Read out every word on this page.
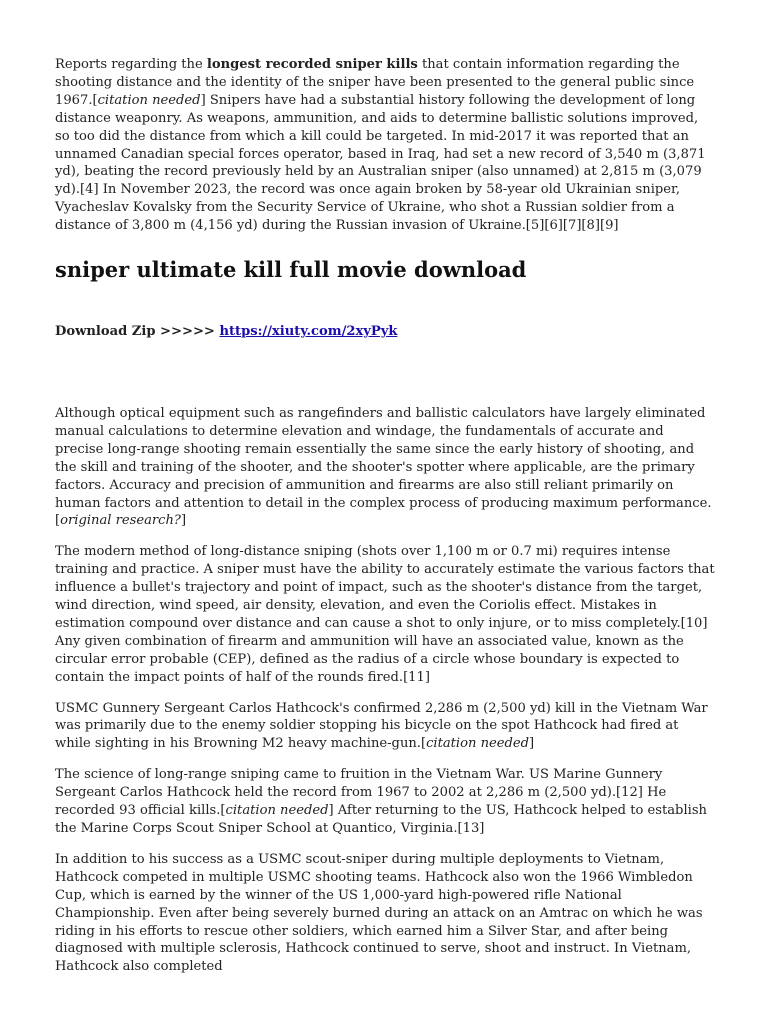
Reports regarding the longest recorded sniper kills that contain information regarding the shooting distance and the identity of the sniper have been presented to the general public since 1967.[citation needed] Snipers have had a substantial history following the development of long distance weaponry. As weapons, ammunition, and aids to determine ballistic solutions improved, so too did the distance from which a kill could be targeted. In mid-2017 it was reported that an unnamed Canadian special forces operator, based in Iraq, had set a new record of 3,540 m (3,871 yd), beating the record previously held by an Australian sniper (also unnamed) at 2,815 m (3,079 yd).[4] In November 2023, the record was once again broken by 58-year old Ukrainian sniper, Vyacheslav Kovalsky from the Security Service of Ukraine, who shot a Russian soldier from a distance of 3,800 m (4,156 yd) during the Russian invasion of Ukraine.[5][6][7][8][9]

sniper ultimate kill full movie download

Download Zip >>>>> https://xiuty.com/2xyPyk

Although optical equipment such as rangefinders and ballistic calculators have largely eliminated manual calculations to determine elevation and windage, the fundamentals of accurate and precise long-range shooting remain essentially the same since the early history of shooting, and the skill and training of the shooter, and the shooter's spotter where applicable, are the primary factors. Accuracy and precision of ammunition and firearms are also still reliant primarily on human factors and attention to detail in the complex process of producing maximum performance.[original research?]

The modern method of long-distance sniping (shots over 1,100 m or 0.7 mi) requires intense training and practice. A sniper must have the ability to accurately estimate the various factors that influence a bullet's trajectory and point of impact, such as the shooter's distance from the target, wind direction, wind speed, air density, elevation, and even the Coriolis effect. Mistakes in estimation compound over distance and can cause a shot to only injure, or to miss completely.[10] Any given combination of firearm and ammunition will have an associated value, known as the circular error probable (CEP), defined as the radius of a circle whose boundary is expected to contain the impact points of half of the rounds fired.[11]

USMC Gunnery Sergeant Carlos Hathcock's confirmed 2,286 m (2,500 yd) kill in the Vietnam War was primarily due to the enemy soldier stopping his bicycle on the spot Hathcock had fired at while sighting in his Browning M2 heavy machine-gun.[citation needed]

The science of long-range sniping came to fruition in the Vietnam War. US Marine Gunnery Sergeant Carlos Hathcock held the record from 1967 to 2002 at 2,286 m (2,500 yd).[12] He recorded 93 official kills.[citation needed] After returning to the US, Hathcock helped to establish the Marine Corps Scout Sniper School at Quantico, Virginia.[13]

In addition to his success as a USMC scout-sniper during multiple deployments to Vietnam, Hathcock competed in multiple USMC shooting teams. Hathcock also won the 1966 Wimbledon Cup, which is earned by the winner of the US 1,000-yard high-powered rifle National Championship. Even after being severely burned during an attack on an Amtrac on which he was riding in his efforts to rescue other soldiers, which earned him a Silver Star, and after being diagnosed with multiple sclerosis, Hathcock continued to serve, shoot and instruct. In Vietnam, Hathcock also completed
